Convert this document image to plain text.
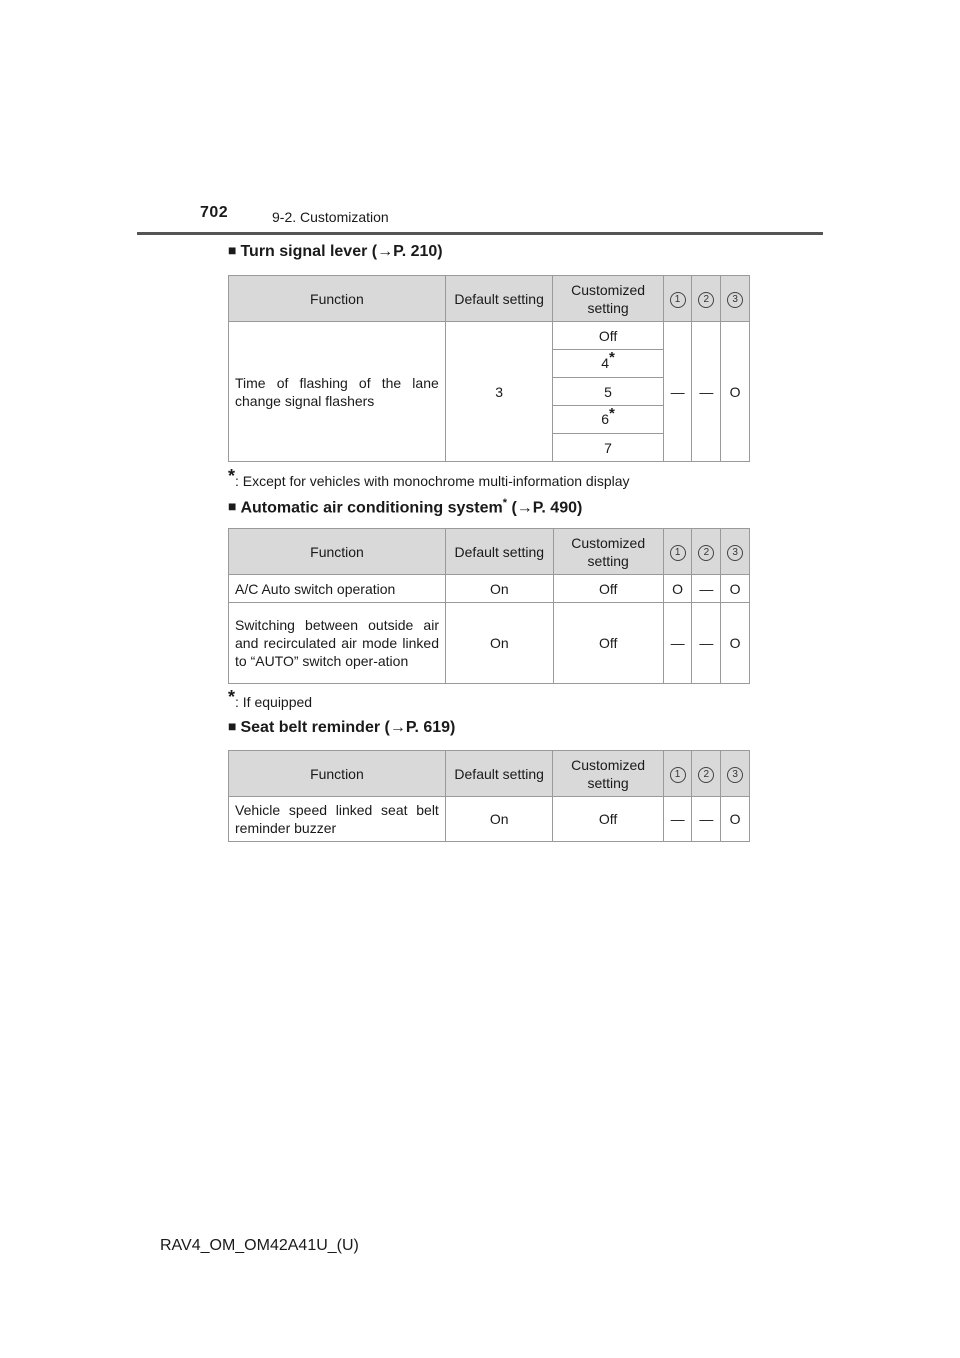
702	9-2. Customization
■ Turn signal lever (→P. 210)
Function	Default setting	Customized setting	1	2	3
Time of flashing of the lane change signal flashers	3	Off	—	—	O
		4*			
		5			
		6*			
		7			
*: Except for vehicles with monochrome multi-information display
■ Automatic air conditioning system* (→P. 490)
Function	Default setting	Customized setting	1	2	3
A/C Auto switch operation	On	Off	O	—	O
Switching between outside air and recirculated air mode linked to “AUTO” switch oper-ation	On	Off	—	—	O
*: If equipped
■ Seat belt reminder (→P. 619)
Function	Default setting	Customized setting	1	2	3
Vehicle speed linked seat belt reminder buzzer	On	Off	—	—	O
RAV4_OM_OM42A41U_(U)
